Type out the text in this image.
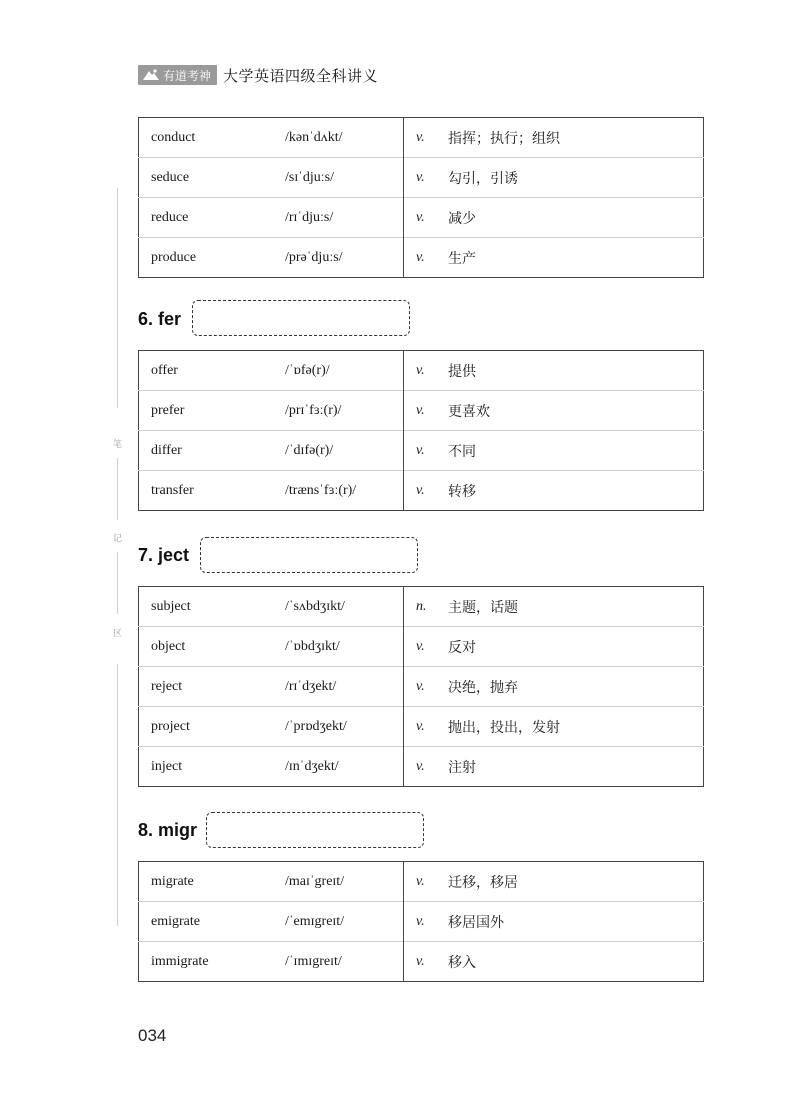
有道考神 大学英语四级全科讲义
笔
记
区
conduct	/kənˈdʌkt/	v.	指挥；执行；组织
seduce	/sɪˈdjuːs/	v.	勾引，引诱
reduce	/rɪˈdjuːs/	v.	减少
produce	/prəˈdjuːs/	v.	生产
6. fer
offer	/ˈɒfə(r)/	v.	提供
prefer	/prɪˈfɜː(r)/	v.	更喜欢
differ	/ˈdɪfə(r)/	v.	不同
transfer	/trænsˈfɜː(r)/	v.	转移
7. ject
subject	/ˈsʌbdʒɪkt/	n.	主题，话题
object	/ˈɒbdʒɪkt/	v.	反对
reject	/rɪˈdʒekt/	v.	决绝，抛弃
project	/ˈprɒdʒekt/	v.	抛出，投出，发射
inject	/ɪnˈdʒekt/	v.	注射
8. migr
migrate	/maɪˈgreɪt/	v.	迁移，移居
emigrate	/ˈemɪgreɪt/	v.	移居国外
immigrate	/ˈɪmɪgreɪt/	v.	移入
034
